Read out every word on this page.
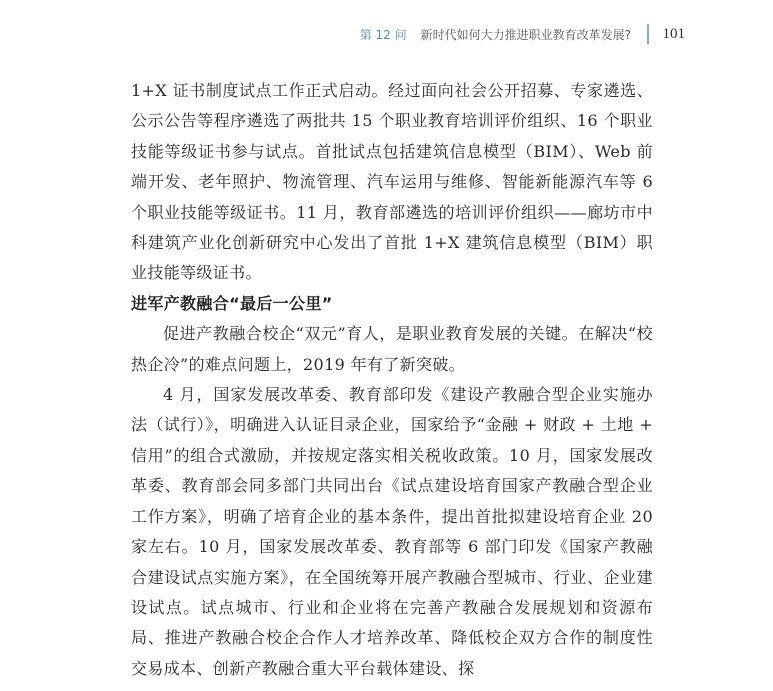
第 12 问 新时代如何大力推进职业教育改革发展? 101

1+X 证书制度试点工作正式启动。经过面向社会公开招募、专家遴选、公示公告等程序遴选了两批共 15 个职业教育培训评价组织、16 个职业技能等级证书参与试点。首批试点包括建筑信息模型（BIM）、Web 前端开发、老年照护、物流管理、汽车运用与维修、智能新能源汽车等 6 个职业技能等级证书。11 月，教育部遴选的培训评价组织——廊坊市中科建筑产业化创新研究中心发出了首批 1+X 建筑信息模型（BIM）职业技能等级证书。

进军产教融合“最后一公里”

促进产教融合校企“双元”育人，是职业教育发展的关键。在解决“校热企冷”的难点问题上，2019 年有了新突破。

4 月，国家发展改革委、教育部印发《建设产教融合型企业实施办法（试行）》，明确进入认证目录企业，国家给予“金融 + 财政 + 土地 + 信用”的组合式激励，并按规定落实相关税收政策。10 月，国家发展改革委、教育部会同多部门共同出台《试点建设培育国家产教融合型企业工作方案》，明确了培育企业的基本条件，提出首批拟建设培育企业 20 家左右。10 月，国家发展改革委、教育部等 6 部门印发《国家产教融合建设试点实施方案》，在全国统筹开展产教融合型城市、行业、企业建设试点。试点城市、行业和企业将在完善产教融合发展规划和资源布局、推进产教融合校企合作人才培养改革、降低校企双方合作的制度性交易成本、创新产教融合重大平台载体建设、探
